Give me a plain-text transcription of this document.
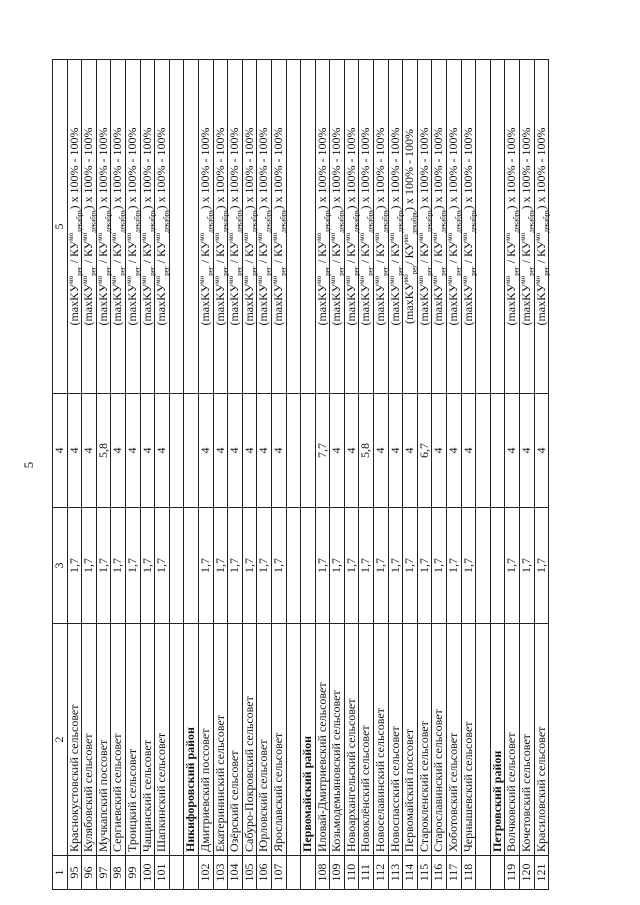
5
1	2	3	4	5
95	Краснокустовский сельсовет	1,7	4	$(\max KУ^{мо}_{рег} / КУ^{мо}_{декабрь})$ х 100% - 100%
96	Кулябовский сельсовет	1,7	4	$(\max KУ^{мо}_{рег} / КУ^{мо}_{декабрь})$ х 100% - 100%
97	Мучкапский поссовет	1,7	5,8	$(\max KУ^{мо}_{рег} / КУ^{мо}_{декабрь})$ х 100% - 100%
98	Сергиевский сельсовет	1,7	4	$(\max KУ^{мо}_{рег} / КУ^{мо}_{декабрь})$ х 100% - 100%
99	Троицкий сельсовет	1,7	4	$(\max KУ^{мо}_{рег} / КУ^{мо}_{декабрь})$ х 100% - 100%
100	Чащинский сельсовет	1,7	4	$(\max KУ^{мо}_{рег} / КУ^{мо}_{декабрь})$ х 100% - 100%
101	Шапкинский сельсовет	1,7	4	$(\max KУ^{мо}_{рег} / КУ^{мо}_{декабрь})$ х 100% - 100%

	Никифоровский район			
102	Дмитриевский поссовет	1,7	4	$(\max KУ^{мо}_{рег} / КУ^{мо}_{декабрь})$ х 100% - 100%
103	Екатерининский сельсовет	1,7	4	$(\max KУ^{мо}_{рег} / КУ^{мо}_{декабрь})$ х 100% - 100%
104	Озёрский сельсовет	1,7	4	$(\max KУ^{мо}_{рег} / КУ^{мо}_{декабрь})$ х 100% - 100%
105	Сабуро-Покровский сельсовет	1,7	4	$(\max KУ^{мо}_{рег} / КУ^{мо}_{декабрь})$ х 100% - 100%
106	Юрловский сельсовет	1,7	4	$(\max KУ^{мо}_{рег} / КУ^{мо}_{декабрь})$ х 100% - 100%
107	Ярославский сельсовет	1,7	4	$(\max KУ^{мо}_{рег} / КУ^{мо}_{декабрь})$ х 100% - 100%

	Первомайский район			
108	Иловай-Дмитриевский сельсовет	1,7	7,7	$(\max KУ^{мо}_{рег} / КУ^{мо}_{декабрь})$ х 100% - 100%
109	Козьмодемьяновский сельсовет	1,7	4	$(\max KУ^{мо}_{рег} / КУ^{мо}_{декабрь})$ х 100% - 100%
110	Новоархангельский сельсовет	1,7	4	$(\max KУ^{мо}_{рег} / КУ^{мо}_{декабрь})$ х 100% - 100%
111	Новоклёнский сельсовет	1,7	5,8	$(\max KУ^{мо}_{рег} / КУ^{мо}_{декабрь})$ х 100% - 100%
112	Новоселавинский сельсовет	1,7	4	$(\max KУ^{мо}_{рег} / КУ^{мо}_{декабрь})$ х 100% - 100%
113	Новоспасский сельсовет	1,7	4	$(\max KУ^{мо}_{рег} / КУ^{мо}_{декабрь})$ х 100% - 100%
114	Первомайский поссовет	1,7	4	(maxKУ$^{мо}_{рег}$/ $КУ^{мо}_{декабрь}$) х 100% - 100%
115	Старокленский сельсовет	1,7	6,7	$(\max KУ^{мо}_{рег} / КУ^{мо}_{декабрь})$ х 100% - 100%
116	Старославинский сельсовет	1,7	4	$(\max KУ^{мо}_{рег} / КУ^{мо}_{декабрь})$ х 100% - 100%
117	Хоботовский сельсовет	1,7	4	$(\max KУ^{мо}_{рег} / КУ^{мо}_{декабрь})$ х 100% - 100%
118	Чернышевский сельсовет	1,7	4	$(\max KУ^{мо}_{рег} / КУ^{мо}_{декабрь})$ х 100% - 100%

	Петровский район			
119	Волчковский сельсовет	1,7	4	$(\max KУ^{мо}_{рег} / КУ^{мо}_{декабрь})$ х 100% - 100%
120	Кочетовский сельсовет	1,7	4	$(\max KУ^{мо}_{рег} / КУ^{мо}_{декабрь})$ х 100% - 100%
121	Красиловский сельсовет	1,7	4	$(\max KУ^{мо}_{рег} / КУ^{мо}_{декабрь})$ х 100% - 100%
